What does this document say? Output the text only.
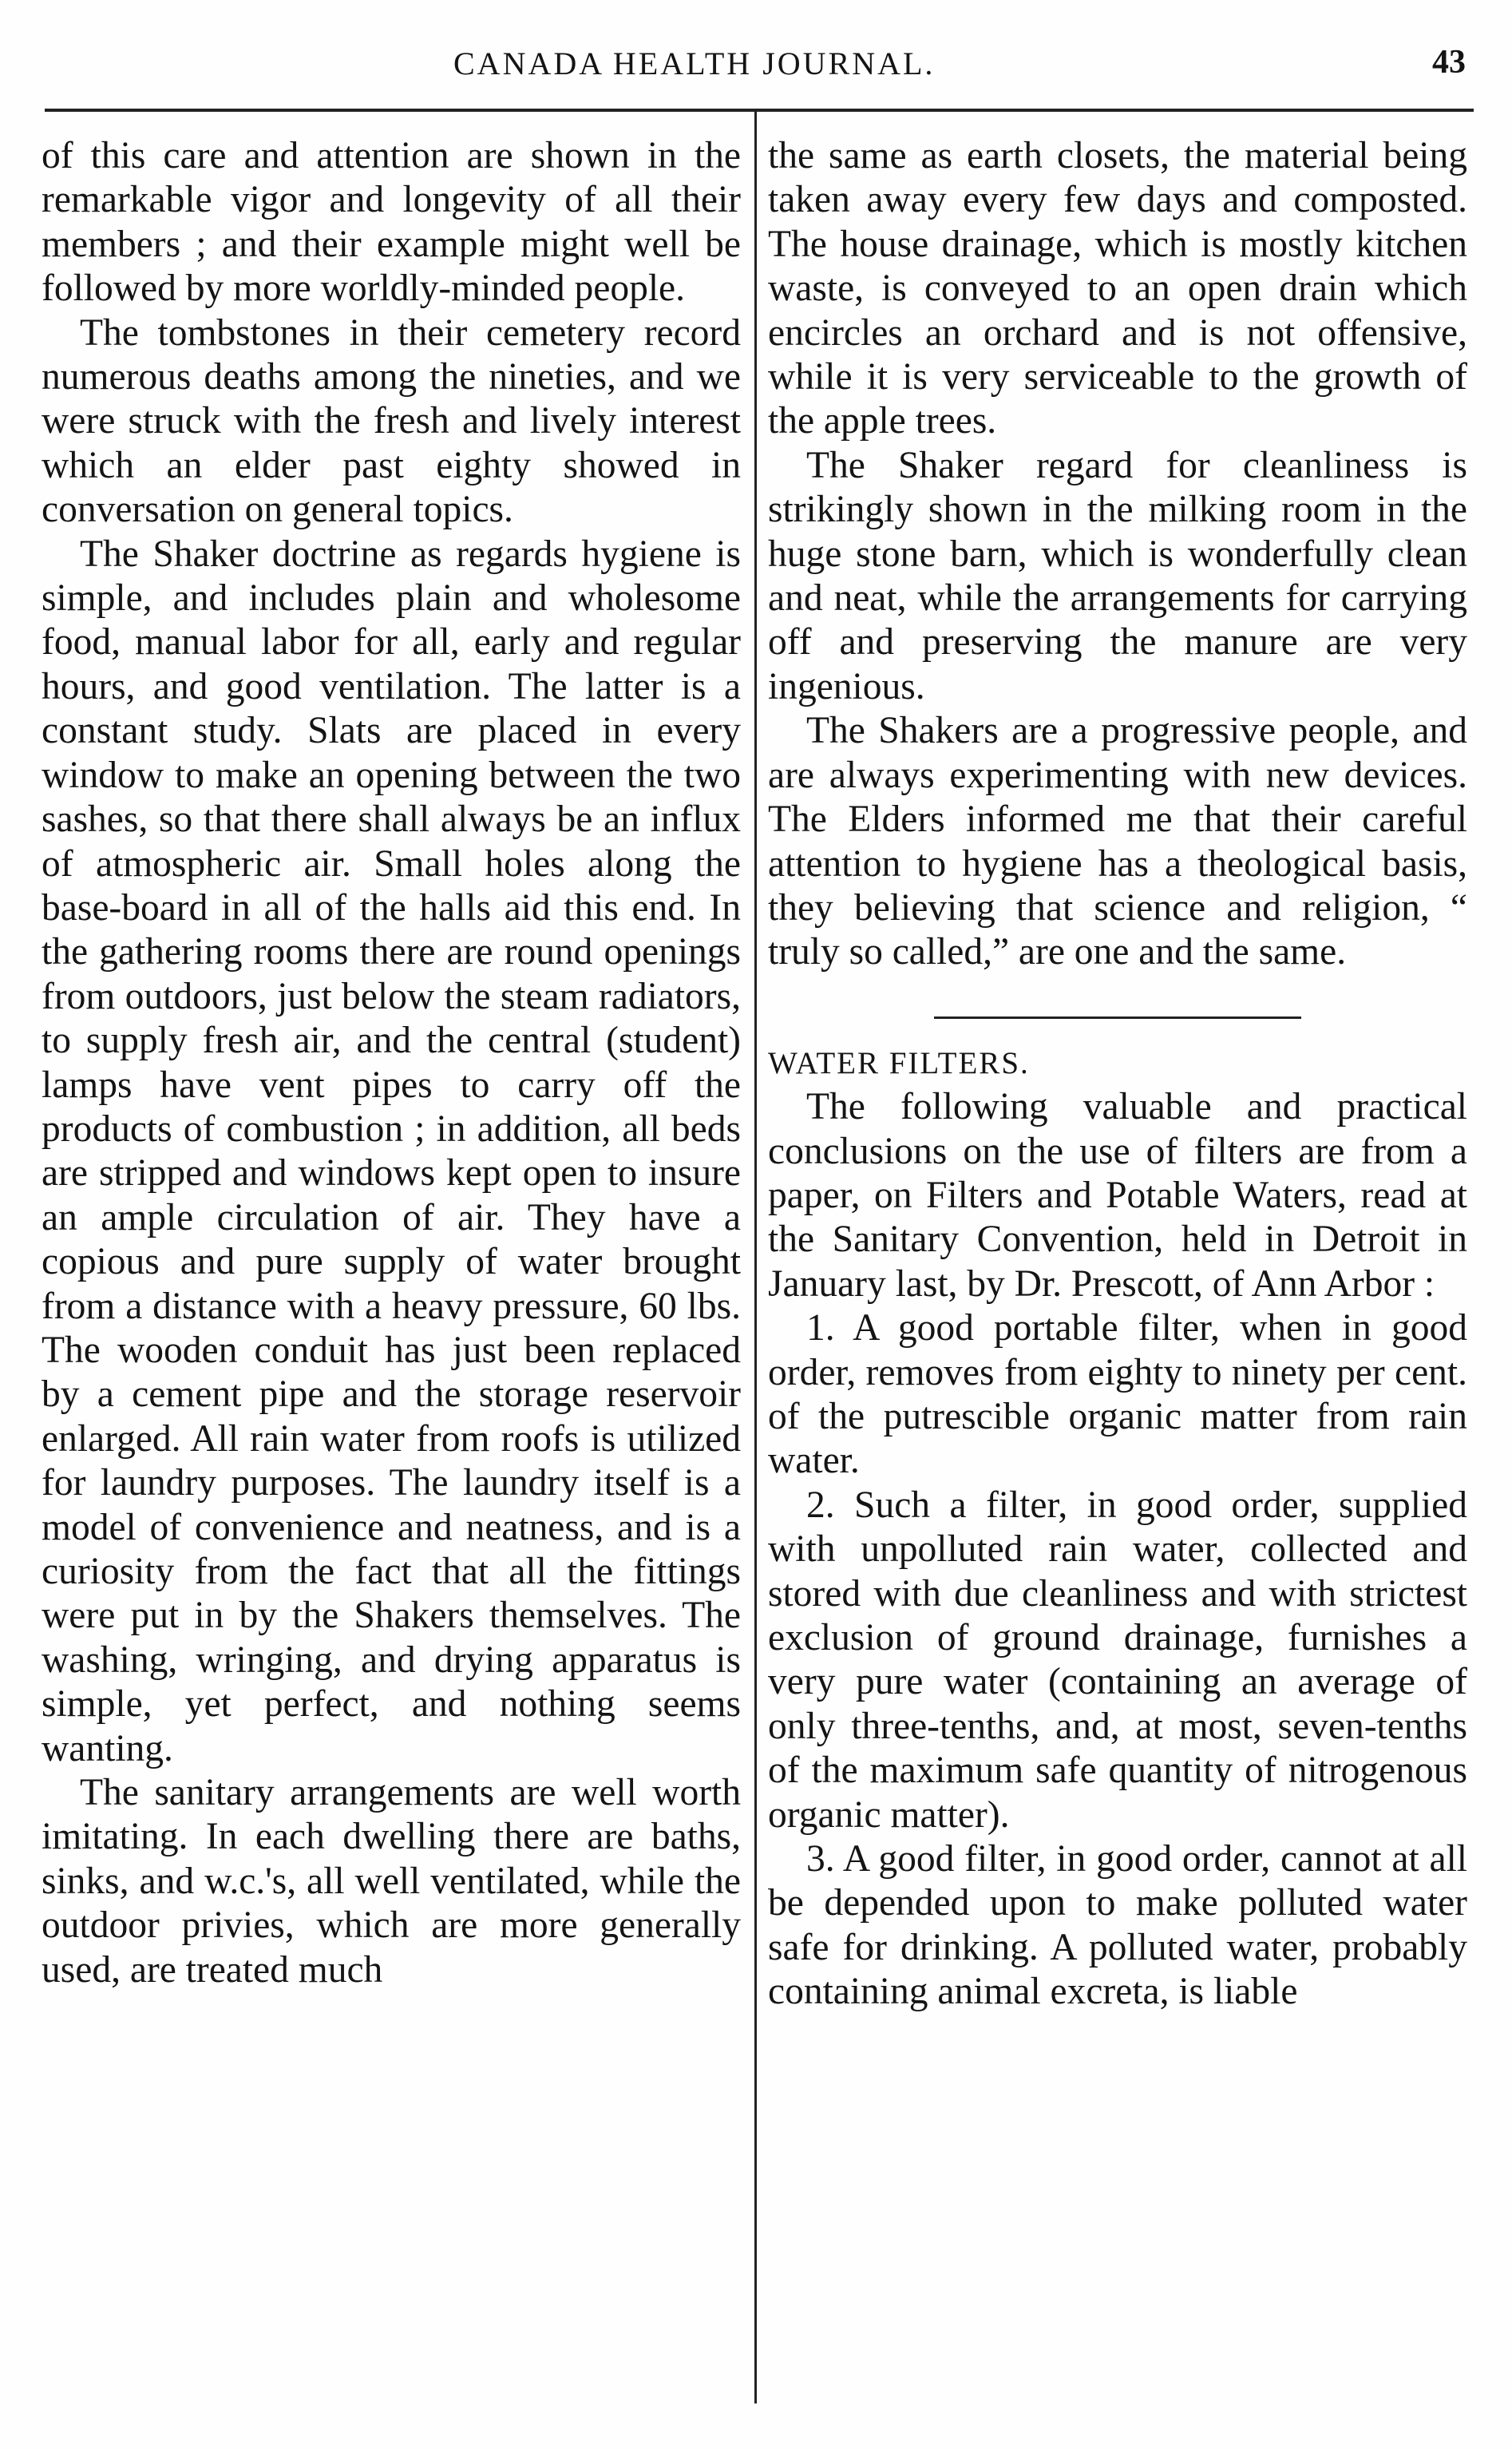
CANADA HEALTH JOURNAL.	43

of this care and attention are shown in the remarkable vigor and longevity of all their members ; and their example might well be followed by more worldly-minded people.

The tombstones in their cemetery record numerous deaths among the nineties, and we were struck with the fresh and lively interest which an elder past eighty showed in conversation on general topics.

The Shaker doctrine as regards hygiene is simple, and includes plain and wholesome food, manual labor for all, early and regular hours, and good ventilation. The latter is a constant study. Slats are placed in every window to make an opening between the two sashes, so that there shall always be an influx of atmospheric air. Small holes along the base-board in all of the halls aid this end. In the gathering rooms there are round openings from outdoors, just below the steam radiators, to supply fresh air, and the central (student) lamps have vent pipes to carry off the products of combustion ; in addition, all beds are stripped and windows kept open to insure an ample circulation of air. They have a copious and pure supply of water brought from a distance with a heavy pressure, 60 lbs. The wooden conduit has just been replaced by a cement pipe and the storage reservoir enlarged. All rain water from roofs is utilized for laundry purposes. The laundry itself is a model of convenience and neatness, and is a curiosity from the fact that all the fittings were put in by the Shakers themselves. The washing, wringing, and drying apparatus is simple, yet perfect, and nothing seems wanting.

The sanitary arrangements are well worth imitating. In each dwelling there are baths, sinks, and w.c.'s, all well ventilated, while the outdoor privies, which are more generally used, are treated much

the same as earth closets, the material being taken away every few days and composted. The house drainage, which is mostly kitchen waste, is conveyed to an open drain which encircles an orchard and is not offensive, while it is very serviceable to the growth of the apple trees.

The Shaker regard for cleanliness is strikingly shown in the milking room in the huge stone barn, which is wonderfully clean and neat, while the arrangements for carrying off and preserving the manure are very ingenious.

The Shakers are a progressive people, and are always experimenting with new devices. The Elders informed me that their careful attention to hygiene has a theological basis, they believing that science and religion, “ truly so called,” are one and the same.

WATER FILTERS.

The following valuable and practical conclusions on the use of filters are from a paper, on Filters and Potable Waters, read at the Sanitary Convention, held in Detroit in January last, by Dr. Prescott, of Ann Arbor :

1. A good portable filter, when in good order, removes from eighty to ninety per cent. of the putrescible organic matter from rain water.

2. Such a filter, in good order, supplied with unpolluted rain water, collected and stored with due cleanliness and with strictest exclusion of ground drainage, furnishes a very pure water (containing an average of only three-tenths, and, at most, seven-tenths of the maximum safe quantity of nitrogenous organic matter).

3. A good filter, in good order, cannot at all be depended upon to make polluted water safe for drinking. A polluted water, probably containing animal excreta, is liable
